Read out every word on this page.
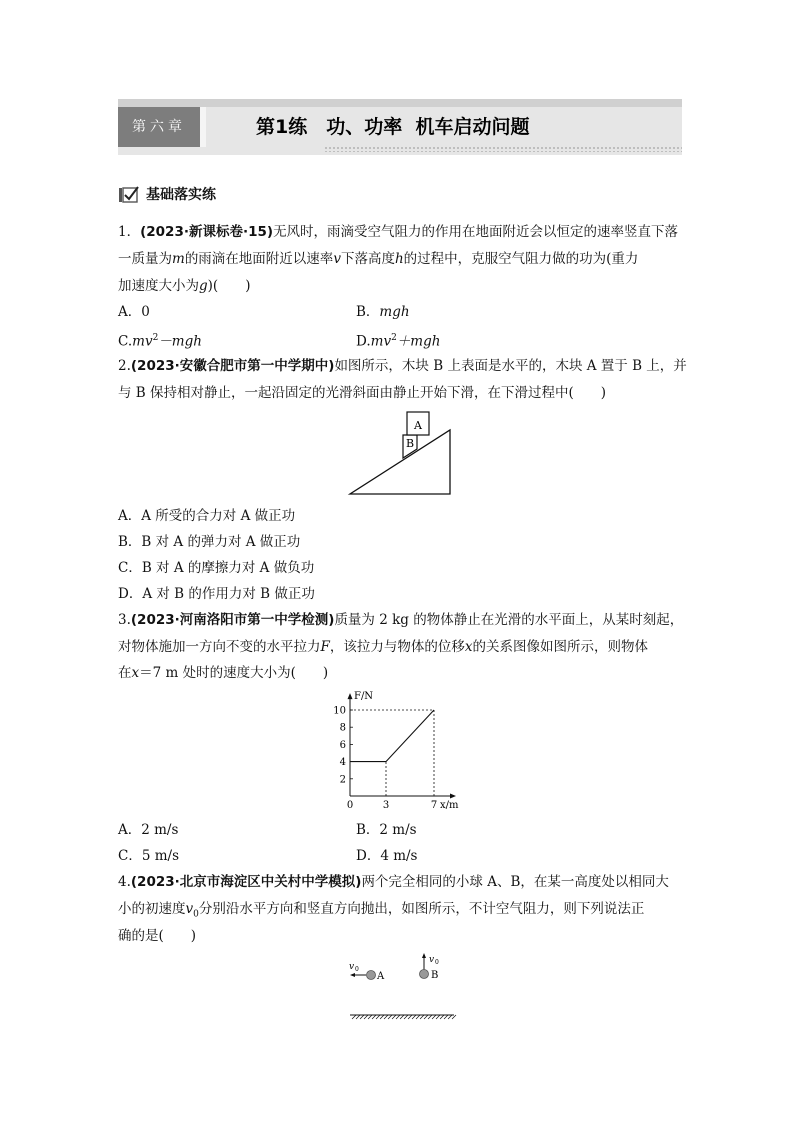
第六章	第1练　功、功率  机车启动问题
基础落实练
1．(2023·新课标卷·15)无风时，雨滴受空气阻力的作用在地面附近会以恒定的速率竖直下落
一质量为m的雨滴在地面附近以速率v下落高度h的过程中，克服空气阻力做的功为(重力
加速度大小为g)(　　)
A．0	B．mgh
$C.mv^2-mgh$	$D.mv^2+mgh$
2.(2023·安徽合肥市第一中学期中)如图所示，木块 B 上表面是水平的，木块 A 置于 B 上，并
与 B 保持相对静止，一起沿固定的光滑斜面由静止开始下滑，在下滑过程中(　　)
A
B
A．A 所受的合力对 A 做正功
B．B 对 A 的弹力对 A 做正功
C．B 对 A 的摩擦力对 A 做负功
D．A 对 B 的作用力对 B 做正功
3.(2023·河南洛阳市第一中学检测)质量为 2 kg 的物体静止在光滑的水平面上，从某时刻起，
对物体施加一方向不变的水平拉力F，该拉力与物体的位移x的关系图像如图所示，则物体
在x＝7 m 处时的速度大小为(　　)
F/N
x/m
2
4
6
8
10
0	3	7
A．2 m/s	B．2 m/s
C．5 m/s	D．4 m/s
4.(2023·北京市海淀区中关村中学模拟)两个完全相同的小球 A、B，在某一高度处以相同大
小的初速度$v_0$分别沿水平方向和竖直方向抛出，如图所示，不计空气阻力，则下列说法正
确的是(　　)
v 0
A
v 0
B
